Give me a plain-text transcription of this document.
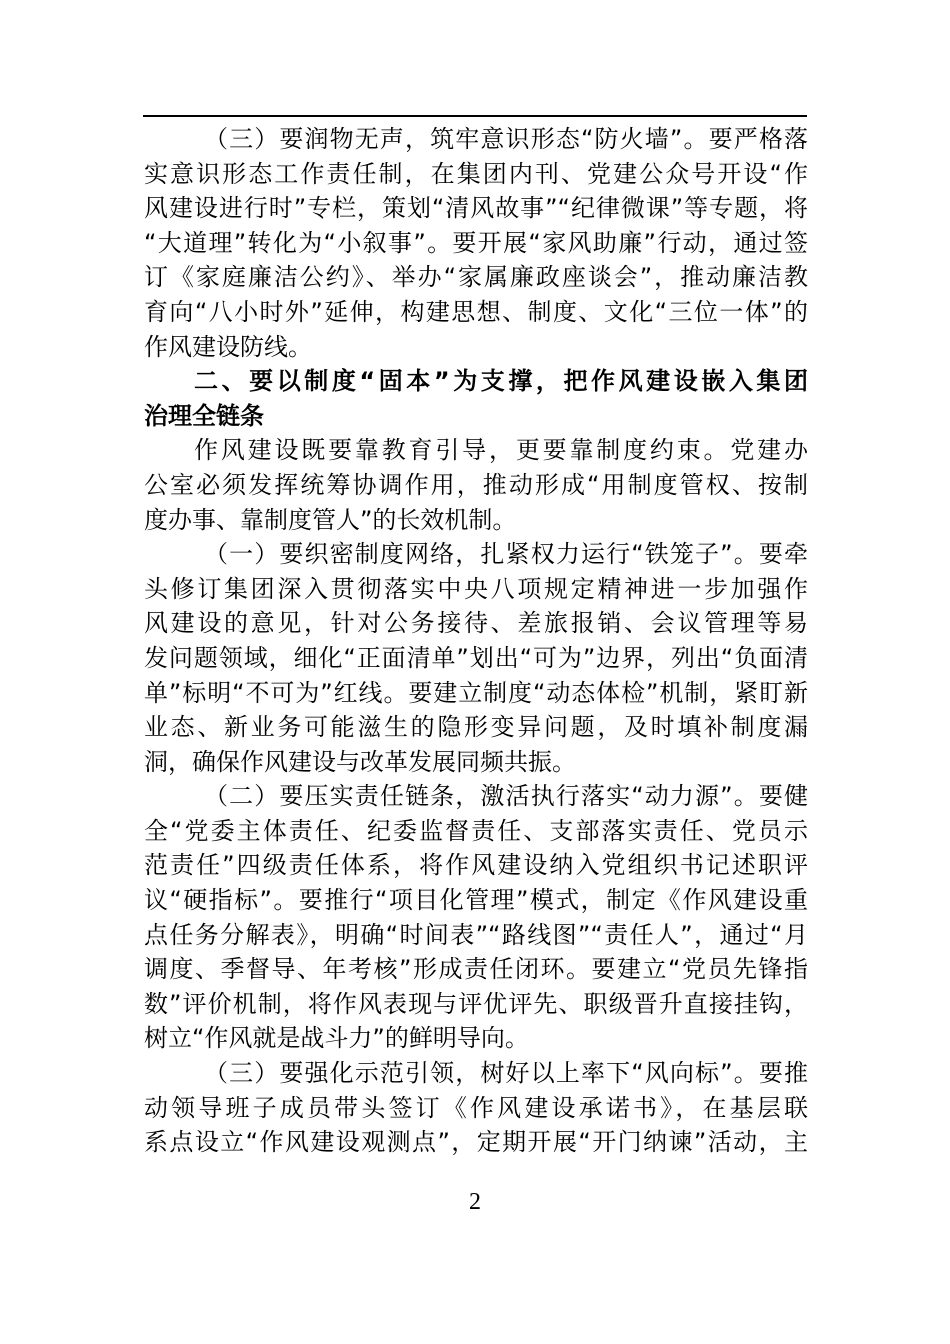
（三）要润物无声，筑牢意识形态“防火墙”。要严格落
实意识形态工作责任制，在集团内刊、党建公众号开设“作
风建设进行时”专栏，策划“清风故事”“纪律微课”等专题，将
“大道理”转化为“小叙事”。要开展“家风助廉”行动，通过签
订《家庭廉洁公约》、举办“家属廉政座谈会”，推动廉洁教
育向“八小时外”延伸，构建思想、制度、文化“三位一体”的
作风建设防线。
二、要以制度“固本”为支撑，把作风建设嵌入集团
治理全链条
作风建设既要靠教育引导，更要靠制度约束。党建办
公室必须发挥统筹协调作用，推动形成“用制度管权、按制
度办事、靠制度管人”的长效机制。
（一）要织密制度网络，扎紧权力运行“铁笼子”。要牵
头修订集团深入贯彻落实中央八项规定精神进一步加强作
风建设的意见，针对公务接待、差旅报销、会议管理等易
发问题领域，细化“正面清单”划出“可为”边界，列出“负面清
单”标明“不可为”红线。要建立制度“动态体检”机制，紧盯新
业态、新业务可能滋生的隐形变异问题，及时填补制度漏
洞，确保作风建设与改革发展同频共振。
（二）要压实责任链条，激活执行落实“动力源”。要健
全“党委主体责任、纪委监督责任、支部落实责任、党员示
范责任”四级责任体系，将作风建设纳入党组织书记述职评
议“硬指标”。要推行“项目化管理”模式，制定《作风建设重
点任务分解表》，明确“时间表”“路线图”“责任人”，通过“月
调度、季督导、年考核”形成责任闭环。要建立“党员先锋指
数”评价机制，将作风表现与评优评先、职级晋升直接挂钩，
树立“作风就是战斗力”的鲜明导向。
（三）要强化示范引领，树好以上率下“风向标”。要推
动领导班子成员带头签订《作风建设承诺书》，在基层联
系点设立“作风建设观测点”，定期开展“开门纳谏”活动，主
2
